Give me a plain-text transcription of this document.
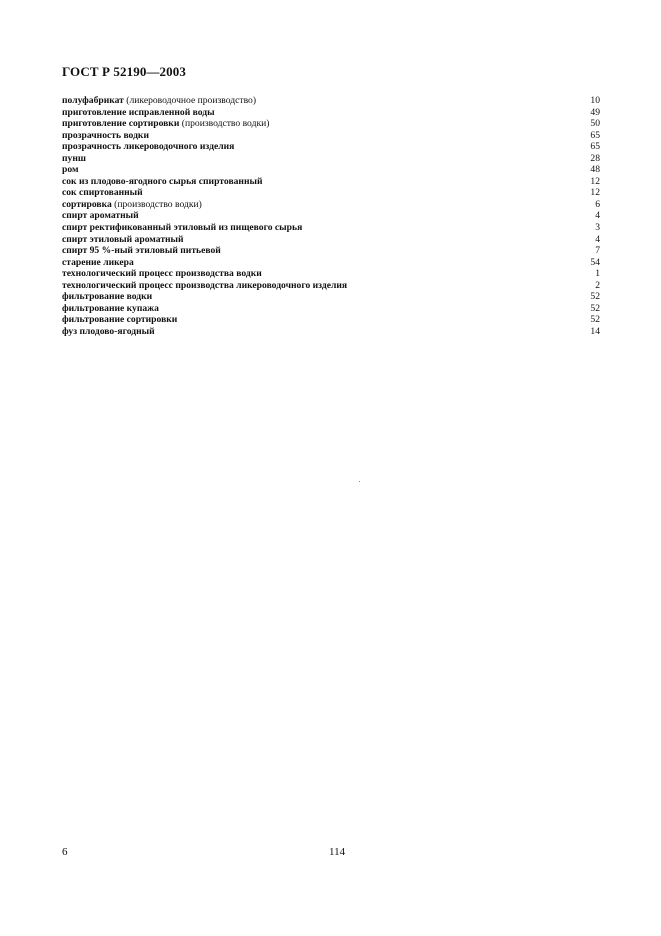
ГОСТ Р 52190—2003
полуфабрикат (ликероводочное производство)	10
приготовление исправленной воды	49
приготовление сортировки (производство водки)	50
прозрачность водки	65
прозрачность ликероводочного изделия	65
пунш	28
ром	48
сок из плодово-ягодного сырья спиртованный	12
сок спиртованный	12
сортировка (производство водки)	6
спирт ароматный	4
спирт ректификованный этиловый из пищевого сырья	3
спирт этиловый ароматный	4
спирт 95 %-ный этиловый питьевой	7
старение ликера	54
технологический процесс производства водки	1
технологический процесс производства ликероводочного изделия	2
фильтрование водки	52
фильтрование купажа	52
фильтрование сортировки	52
фуз плодово-ягодный	14
6	114
